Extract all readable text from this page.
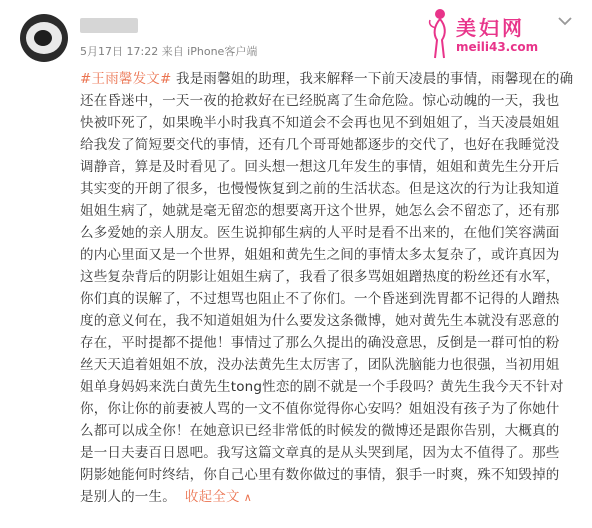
5月17日 17:22 来自 iPhone客户端
美妇网
meili43.com
#王雨馨发文# 我是雨馨姐的助理，我来解释一下前天凌晨的事情，雨馨现在的确
还在昏迷中，一天一夜的抢救好在已经脱离了生命危险。惊心动魄的一天，我也
快被吓死了，如果晚半小时我真不知道会不会再也见不到姐姐了，当天凌晨姐姐
给我发了简短要交代的事情，还有几个哥哥她都逐步的交代了，也好在我睡觉没
调静音，算是及时看见了。回头想一想这几年发生的事情，姐姐和黄先生分开后
其实变的开朗了很多，也慢慢恢复到之前的生活状态。但是这次的行为让我知道
姐姐生病了，她就是毫无留恋的想要离开这个世界，她怎么会不留恋了，还有那
么多爱她的亲人朋友。医生说抑郁生病的人平时是看不出来的，在他们笑容满面
的内心里面又是一个世界，姐姐和黄先生之间的事情太多太复杂了，或许真因为
这些复杂背后的阴影让姐姐生病了，我看了很多骂姐姐蹭热度的粉丝还有水军，
你们真的误解了，不过想骂也阻止不了你们。一个昏迷到洗胃都不记得的人蹭热
度的意义何在，我不知道姐姐为什么要发这条微博，她对黄先生本就没有恶意的
存在，平时提都不提他！事情过了那么久提出的确没意思，反倒是一群可怕的粉
丝天天追着姐姐不放，没办法黄先生太厉害了，团队洗脑能力也很强，当初用姐
姐单身妈妈来洗白黄先生tong性恋的剧不就是一个手段吗？黄先生我今天不针对
你，你让你的前妻被人骂的一文不值你觉得你心安吗？姐姐没有孩子为了你她什
么都可以成全你！在她意识已经非常低的时候发的微博还是跟你告别，大概真的
是一日夫妻百日恩吧。我写这篇文章真的是从头哭到尾，因为太不值得了。那些
阴影她能何时终结，你自己心里有数你做过的事情，狠手一时爽，殊不知毁掉的
是别人的一生。 收起全文 ∧
